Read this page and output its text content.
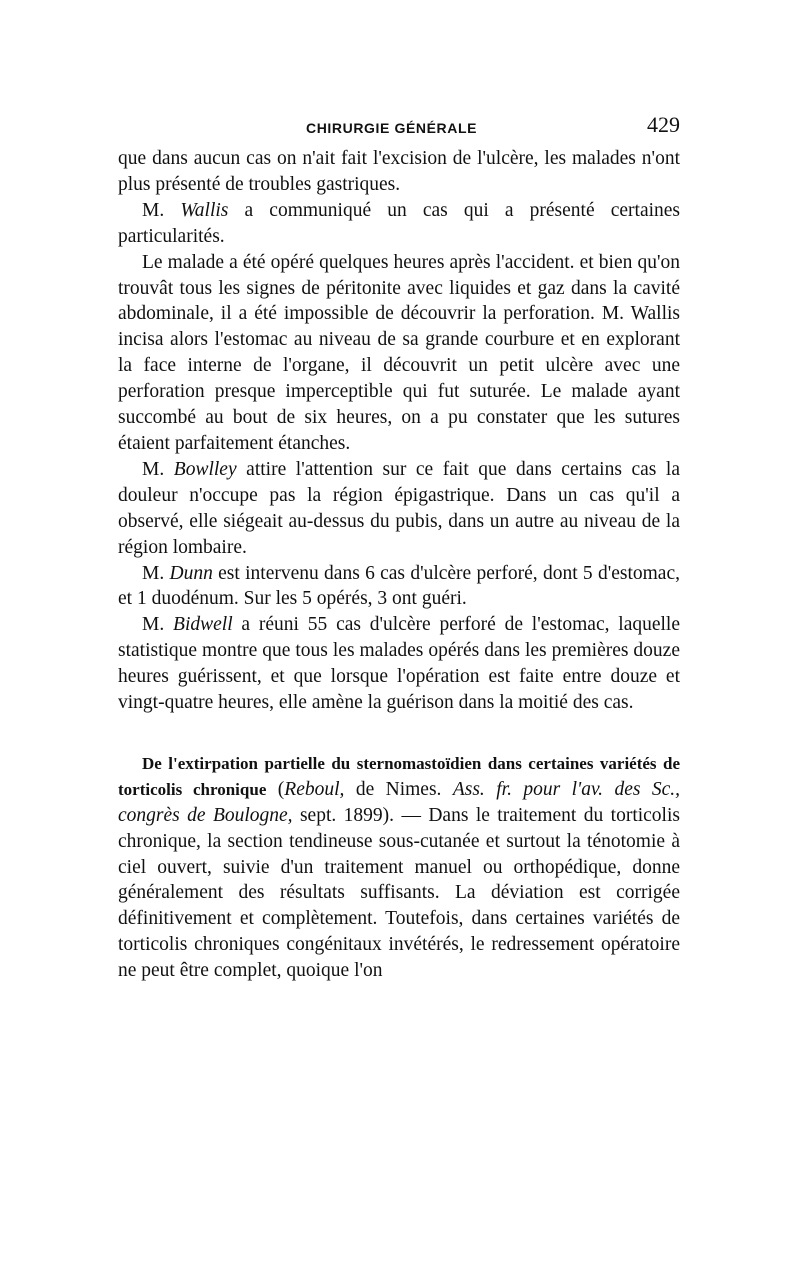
CHIRURGIE GÉNÉRALE	429

que dans aucun cas on n'ait fait l'excision de l'ulcère, les malades n'ont plus présenté de troubles gastriques.

M. Wallis a communiqué un cas qui a présenté certaines particularités.

Le malade a été opéré quelques heures après l'accident. et bien qu'on trouvât tous les signes de péritonite avec liquides et gaz dans la cavité abdominale, il a été impossible de découvrir la perforation. M. Wallis incisa alors l'estomac au niveau de sa grande courbure et en explorant la face interne de l'organe, il découvrit un petit ulcère avec une perforation presque imperceptible qui fut suturée. Le malade ayant succombé au bout de six heures, on a pu constater que les sutures étaient parfaitement étanches.

M. Bowlley attire l'attention sur ce fait que dans certains cas la douleur n'occupe pas la région épigastrique. Dans un cas qu'il a observé, elle siégeait au-dessus du pubis, dans un autre au niveau de la région lombaire.

M. Dunn est intervenu dans 6 cas d'ulcère perforé, dont 5 d'estomac, et 1 duodénum. Sur les 5 opérés, 3 ont guéri.

M. Bidwell a réuni 55 cas d'ulcère perforé de l'estomac, laquelle statistique montre que tous les malades opérés dans les premières douze heures guérissent, et que lorsque l'opération est faite entre douze et vingt-quatre heures, elle amène la guérison dans la moitié des cas.

De l'extirpation partielle du sternomastoïdien dans certaines variétés de torticolis chronique (Reboul, de Nimes. Ass. fr. pour l'av. des Sc., congrès de Boulogne, sept. 1899). — Dans le traitement du torticolis chronique, la section tendineuse sous-cutanée et surtout la ténotomie à ciel ouvert, suivie d'un traitement manuel ou orthopédique, donne généralement des résultats suffisants. La déviation est corrigée définitivement et complètement. Toutefois, dans certaines variétés de torticolis chroniques congénitaux invétérés, le redressement opératoire ne peut être complet, quoique l'on
